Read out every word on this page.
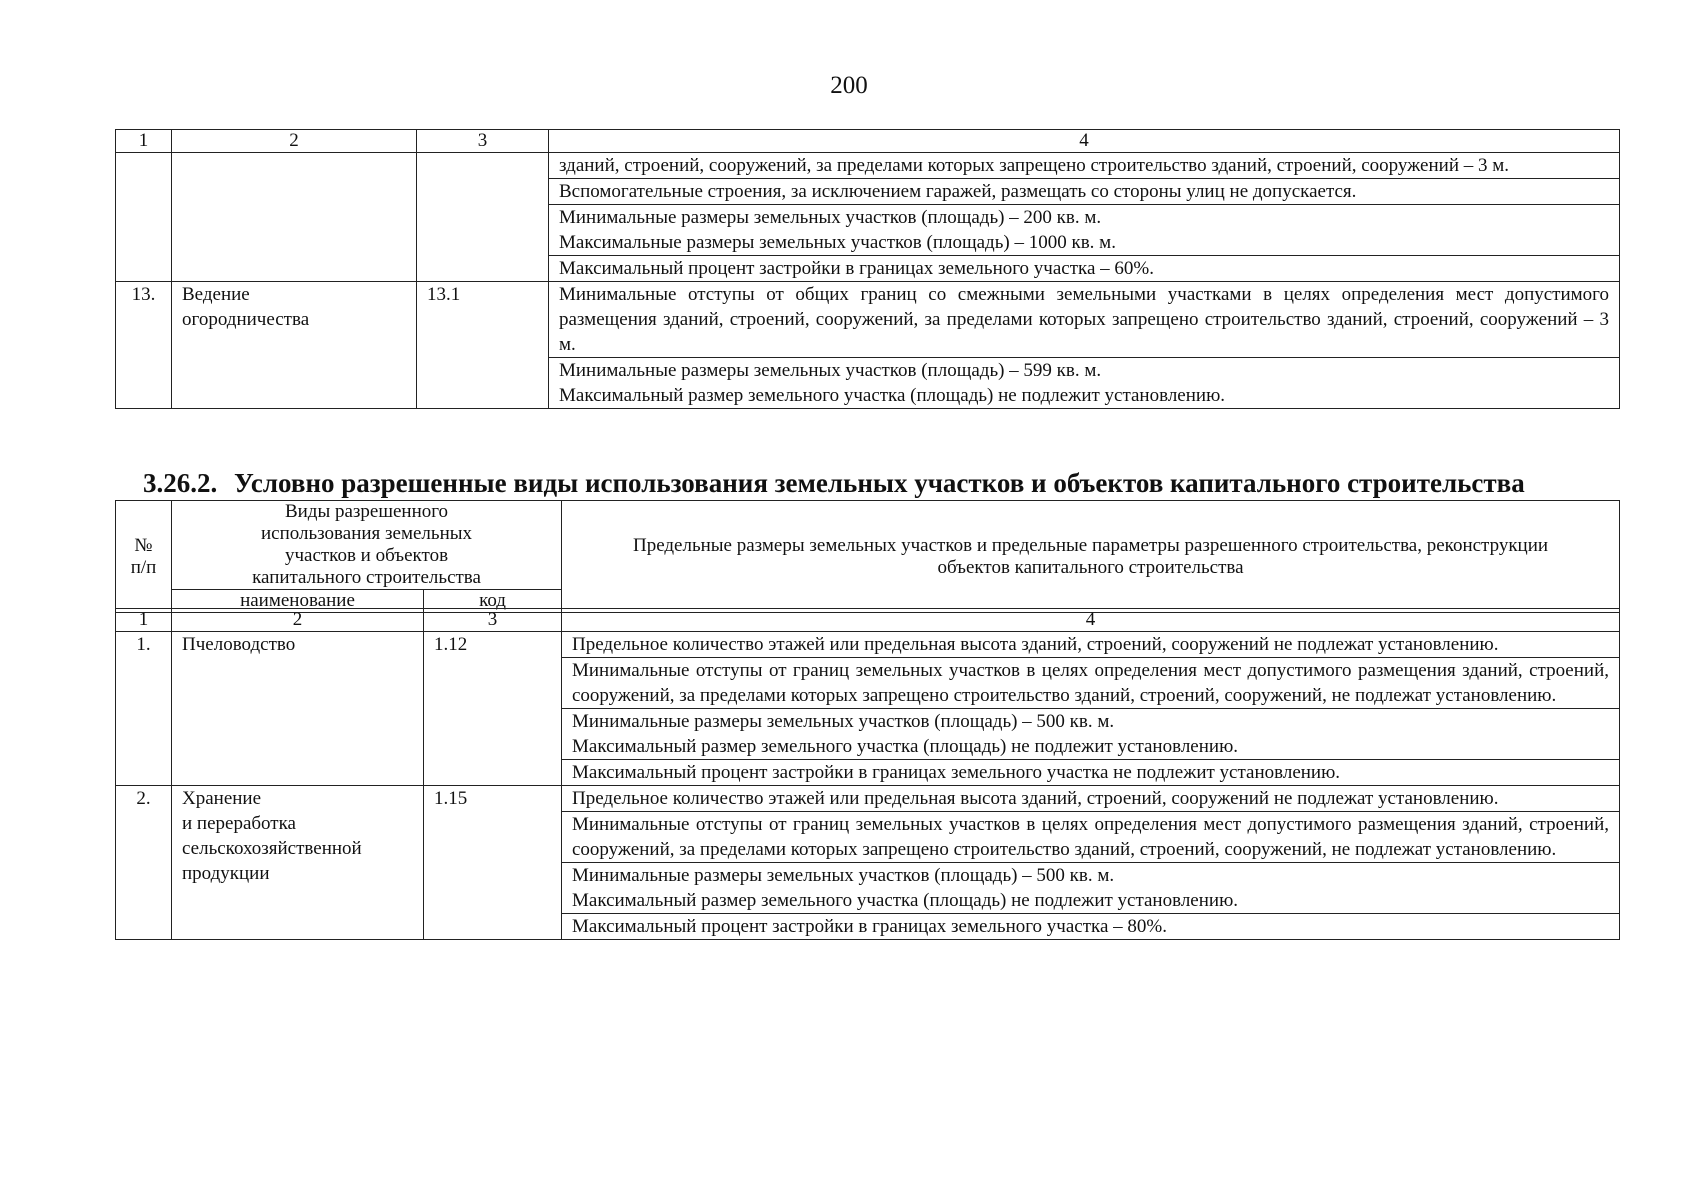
200
1	2	3	4
			зданий, строений, сооружений, за пределами которых запрещено строительство зданий, строений, сооружений – 3 м.
			Вспомогательные строения, за исключением гаражей, размещать со стороны улиц не допускается.
			Минимальные размеры земельных участков (площадь) – 200 кв. м.
Максимальные размеры земельных участков (площадь) – 1000 кв. м.
			Максимальный процент застройки в границах земельного участка – 60%.
13.	Ведение огородничества	13.1	Минимальные отступы от общих границ со смежными земельными участками в целях определения мест допустимого размещения зданий, строений, сооружений, за пределами которых запрещено строительство зданий, строений, сооружений – 3 м.
			Минимальные размеры земельных участков (площадь) – 599 кв. м.
Максимальный размер земельного участка (площадь) не подлежит установлению.
3.26.2. Условно разрешенные виды использования земельных участков и объектов капитального строительства
№ п/п	Виды разрешенного использования земельных участков и объектов капитального строительства		Предельные размеры земельных участков и предельные параметры разрешенного строительства, реконструкции объектов капитального строительства
	наименование	код	
1	2	3	4
1.	Пчеловодство	1.12	Предельное количество этажей или предельная высота зданий, строений, сооружений не подлежат установлению.
			Минимальные отступы от границ земельных участков в целях определения мест допустимого размещения зданий, строений, сооружений, за пределами которых запрещено строительство зданий, строений, сооружений, не подлежат установлению.
			Минимальные размеры земельных участков (площадь) – 500 кв. м.
Максимальный размер земельного участка (площадь) не подлежит установлению.
			Максимальный процент застройки в границах земельного участка не подлежит установлению.
2.	Хранение
и переработка
сельскохозяйственной
продукции	1.15	Предельное количество этажей или предельная высота зданий, строений, сооружений не подлежат установлению.
			Минимальные отступы от границ земельных участков в целях определения мест допустимого размещения зданий, строений, сооружений, за пределами которых запрещено строительство зданий, строений, сооружений, не подлежат установлению.
			Минимальные размеры земельных участков (площадь) – 500 кв. м.
Максимальный размер земельного участка (площадь) не подлежит установлению.
			Максимальный процент застройки в границах земельного участка – 80%.
